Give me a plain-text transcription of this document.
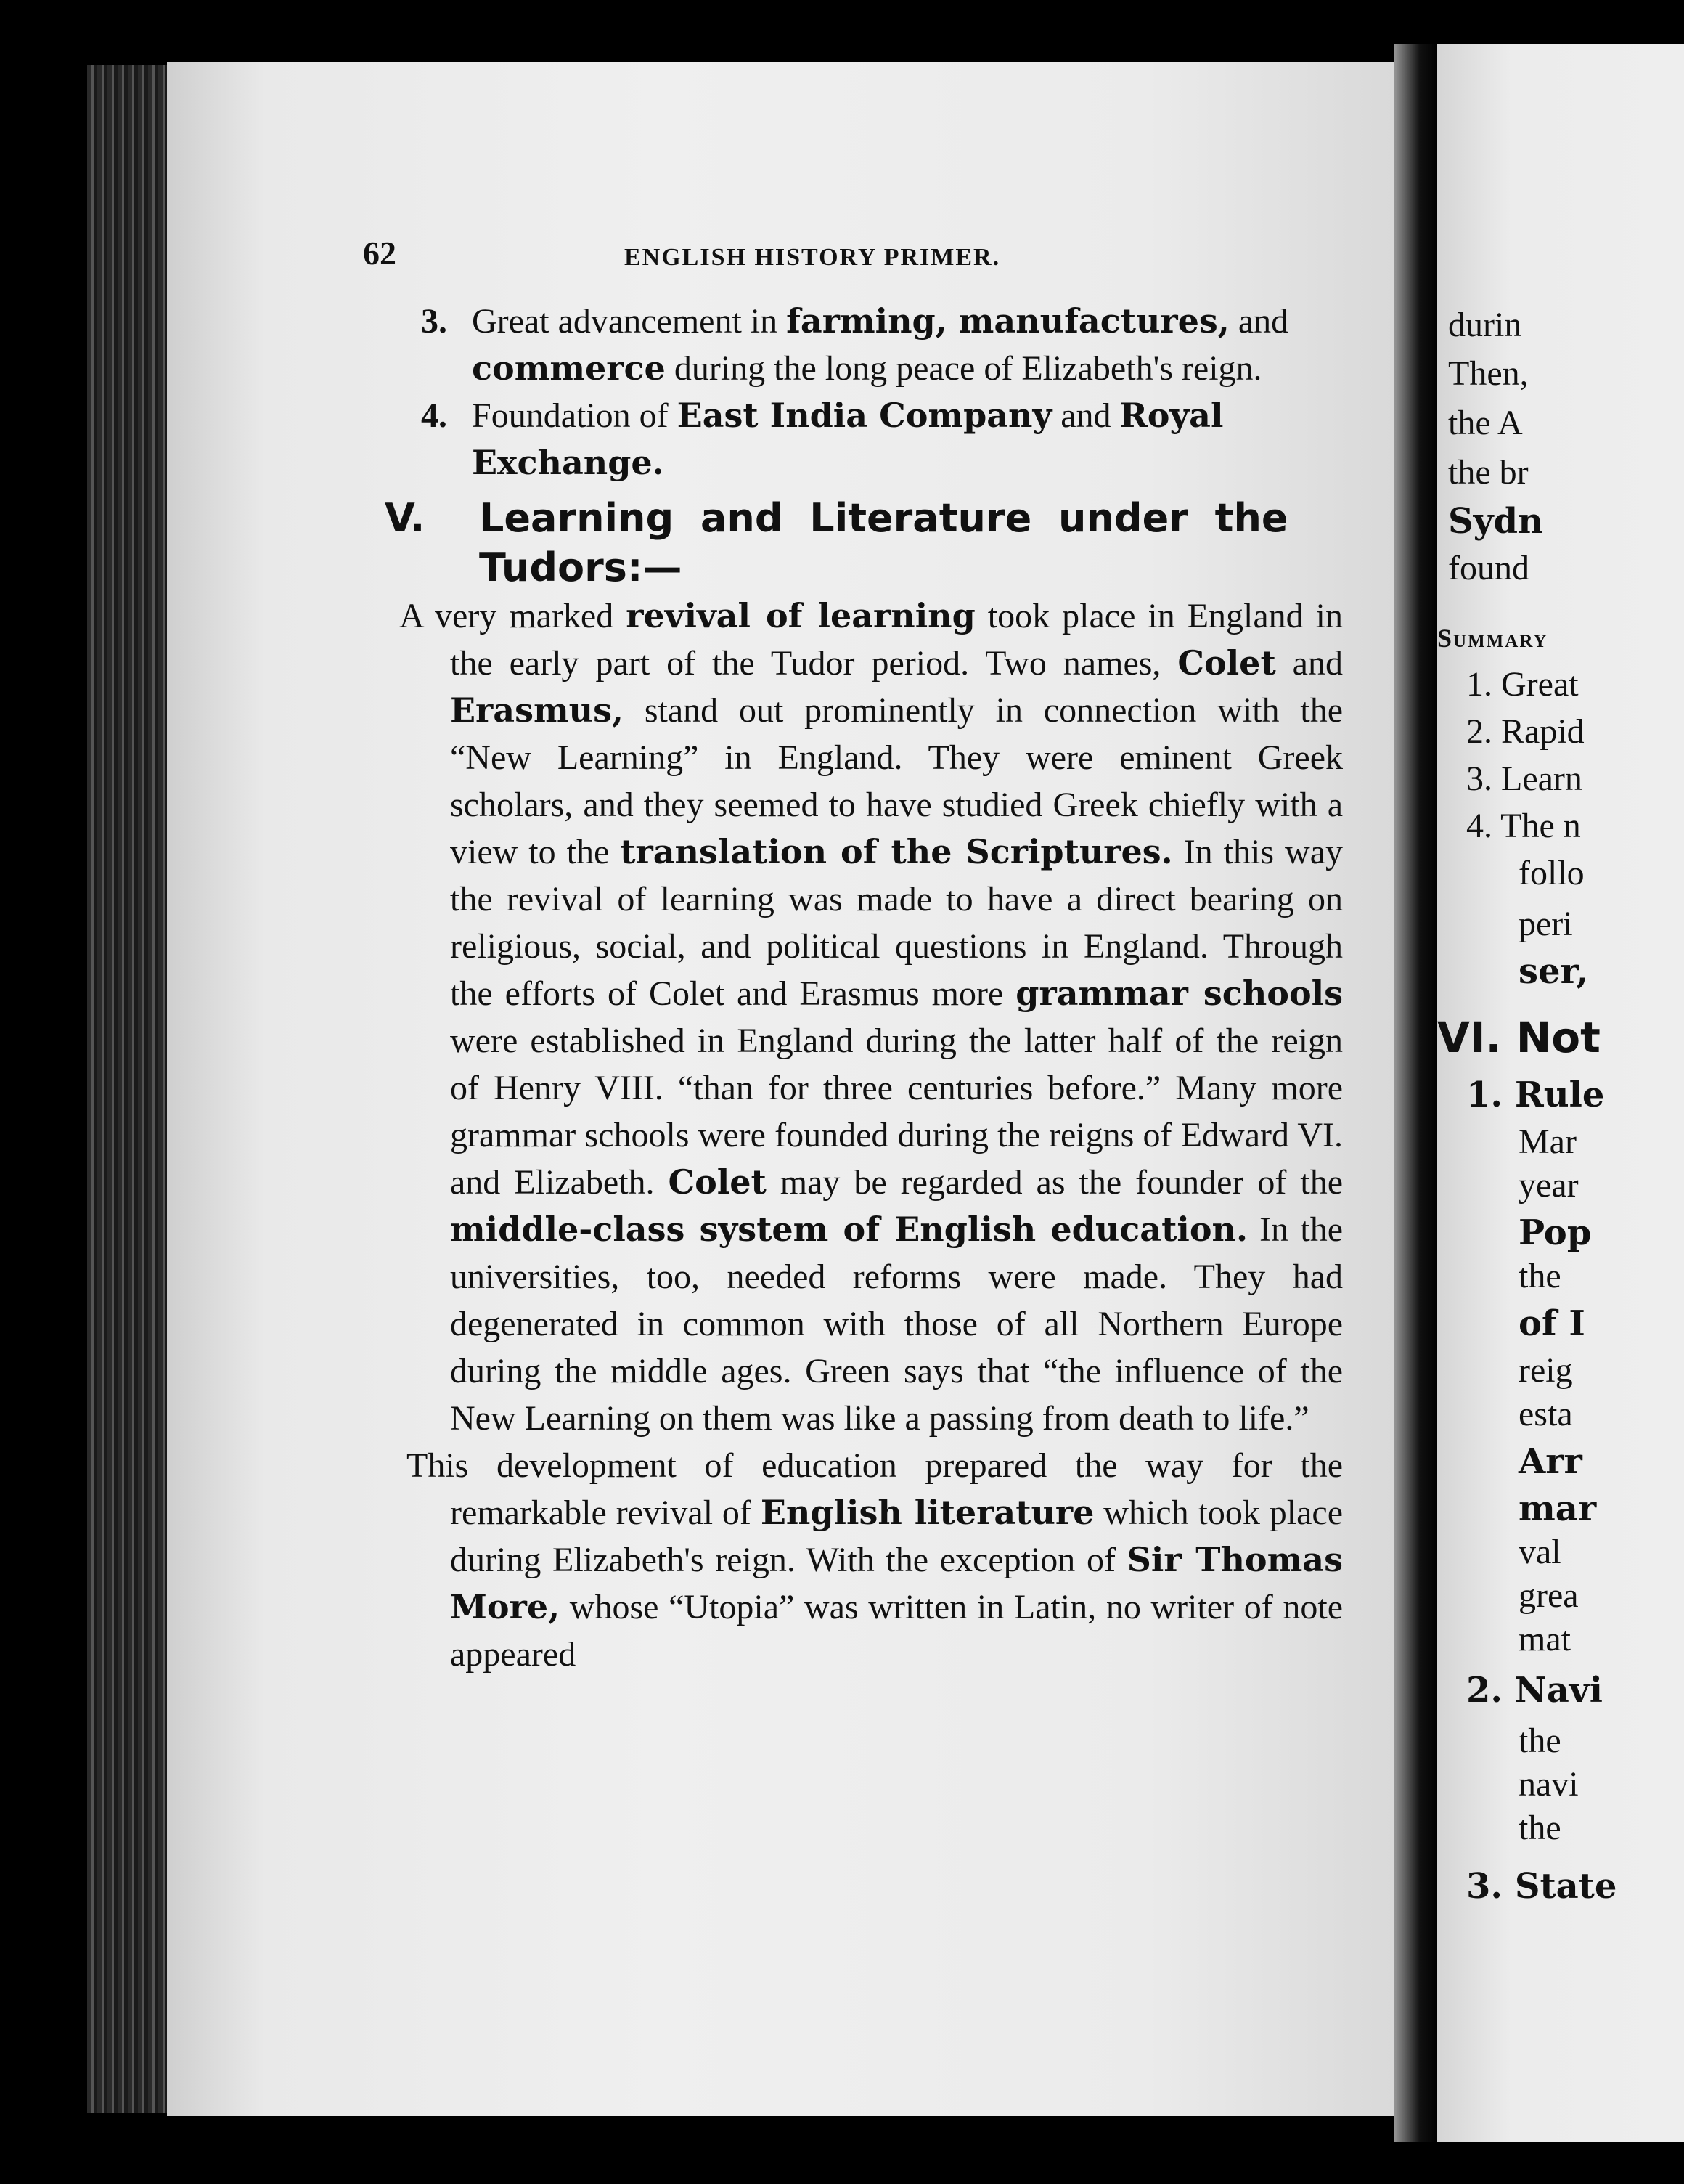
durin
Then,
the A
the br
Sydn
found
Summary
1. Great
2. Rapid
3. Learn
4. The n
follo
peri
ser,
VI. Not
1. Rule
Mar
year
Pop
the
of I
reig
esta
Arr
mar
val
grea
mat
2. Navi
the
navi
the
3. State
62	ENGLISH HISTORY PRIMER.

3. Great advancement in farming, manufactures, and commerce during the long peace of Elizabeth's reign.

4. Foundation of East India Company and Royal Exchange.

V. Learning and Literature under the Tudors:—

A very marked revival of learning took place in England in the early part of the Tudor period. Two names, Colet and Erasmus, stand out prominently in connection with the “New Learning” in England. They were eminent Greek scholars, and they seemed to have studied Greek chiefly with a view to the translation of the Scriptures. In this way the revival of learning was made to have a direct bearing on religious, social, and political questions in England. Through the efforts of Colet and Erasmus more grammar schools were established in England during the latter half of the reign of Henry VIII. “than for three centuries before.” Many more grammar schools were founded during the reigns of Edward VI. and Elizabeth. Colet may be regarded as the founder of the middle-class system of English education. In the universities, too, needed reforms were made. They had degenerated in common with those of all Northern Europe during the middle ages. Green says that “the influence of the New Learning on them was like a passing from death to life.”

This development of education prepared the way for the remarkable revival of English literature which took place during Elizabeth's reign. With the exception of Sir Thomas More, whose “Utopia” was written in Latin, no writer of note appeared
